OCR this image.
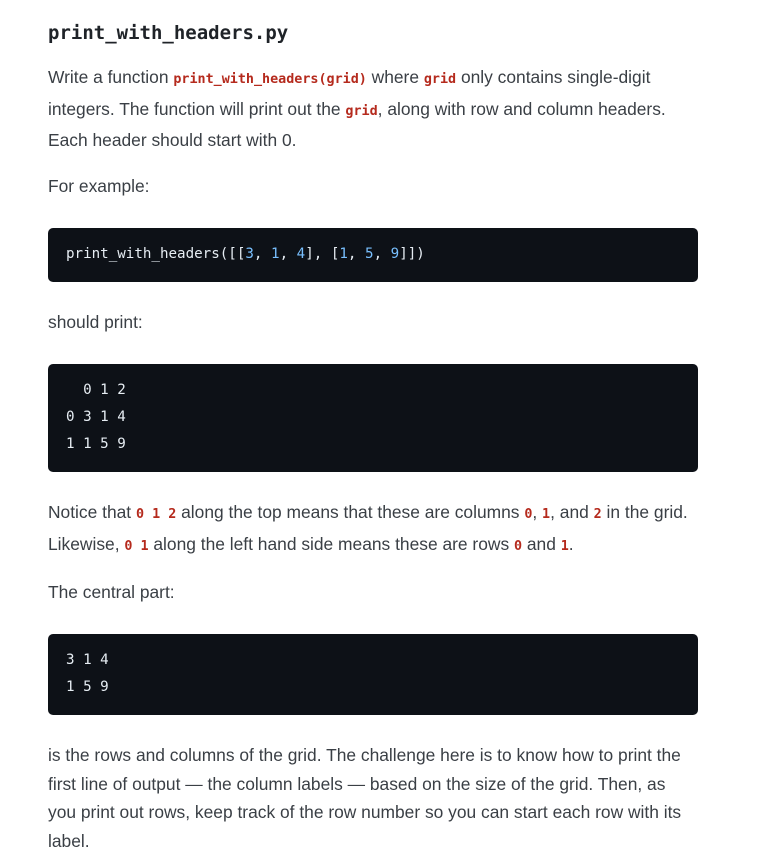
print_with_headers.py

Write a function print_with_headers(grid) where grid only contains single-digit integers. The function will print out the grid, along with row and column headers. Each header should start with 0.

For example:

print_with_headers([[3, 1, 4], [1, 5, 9]])

should print:

0 1 2
0 3 1 4
1 1 5 9

Notice that 0 1 2 along the top means that these are columns 0, 1, and 2 in the grid. Likewise, 0 1 along the left hand side means these are rows 0 and 1.

The central part:

3 1 4
1 5 9

is the rows and columns of the grid. The challenge here is to know how to print the first line of output — the column labels — based on the size of the grid. Then, as you print out rows, keep track of the row number so you can start each row with its label.
